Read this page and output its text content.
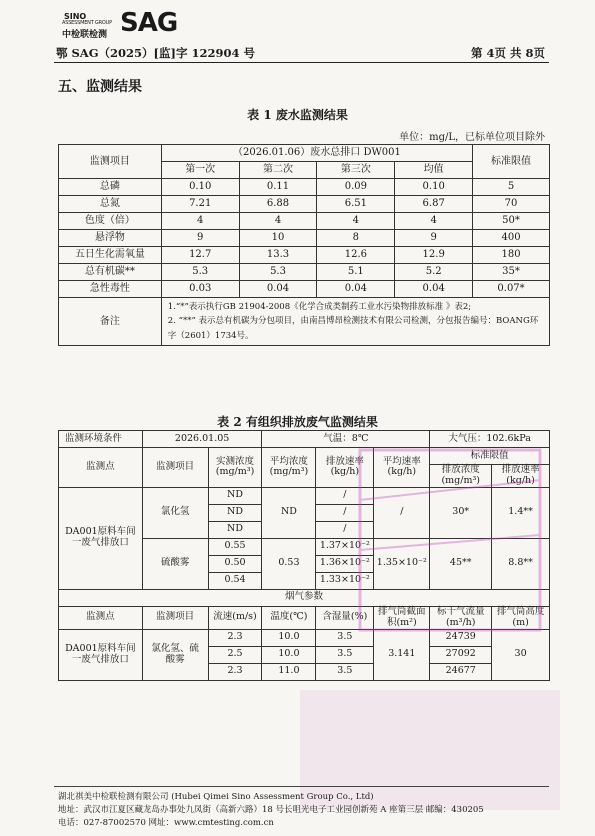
SINO
ASSESSMENT GROUP
中检联检测 SAG
鄂 SAG（2025）[监]字 122904 号	第 4页 共 8页
五、监测结果
表 1 废水监测结果
单位：mg/L，已标单位项目除外
监测项目	（2026.01.06）废水总排口 DW001				标准限值
	第一次	第二次	第三次	均值	
总磷	0.10	0.11	0.09	0.10	5
总氮	7.21	6.88	6.51	6.87	70
色度（倍）	4	4	4	4	50*
悬浮物	9	10	8	9	400
五日生化需氧量	12.7	13.3	12.6	12.9	180
总有机碳**	5.3	5.3	5.1	5.2	35*
急性毒性	0.03	0.04	0.04	0.04	0.07*
备注	1.“*”表示执行GB 21904-2008《化学合成类制药工业水污染物排放标准 》表2;
2. “**” 表示总有机碳为分包项目，由南昌博昂检测技术有限公司检测，分包报告编号：BOANG环字（2601）1734号。				
表 2 有组织排放废气监测结果
监测环境条件	2026.01.05		气温：8℃			大气压：102.6kPa	
监测点	监测项目	实测浓度(mg/m³)	平均浓度(mg/m³)	排放速率(kg/h)	平均速率(kg/h)	标准限值	
						排放浓度(mg/m³)	排放速率(kg/h)
DA001原料车间一废气排放口	氯化氢	ND	ND	/	/	30*	1.4**
		ND		/			
		ND		/			
	硫酸雾	0.55	0.53	1.37×10⁻²	1.35×10⁻²	45**	8.8**
		0.50		1.36×10⁻²			
		0.54		1.33×10⁻²			
烟气参数							
监测点	监测项目	流速(m/s)	温度(℃)	含湿量(%)	排气筒截面积(m²)	标干气流量(m³/h)	排气筒高度(m)
DA001原料车间一废气排放口	氯化氢、硫酸雾	2.3	10.0	3.5	3.141	24739	30
		2.5	10.0	3.5		27092	
		2.3	11.0	3.5		24677	
湖北祺美中检联检测有限公司 (Hubei Qimei Sino Assessment Group Co., Ltd)
地址：武汉市江夏区藏龙岛办事处九凤街（高新六路）18 号长咀光电子工业园创新苑 A 座第三层 邮编：430205
电话：027-87002570 网址：www.cmtesting.com.cn
